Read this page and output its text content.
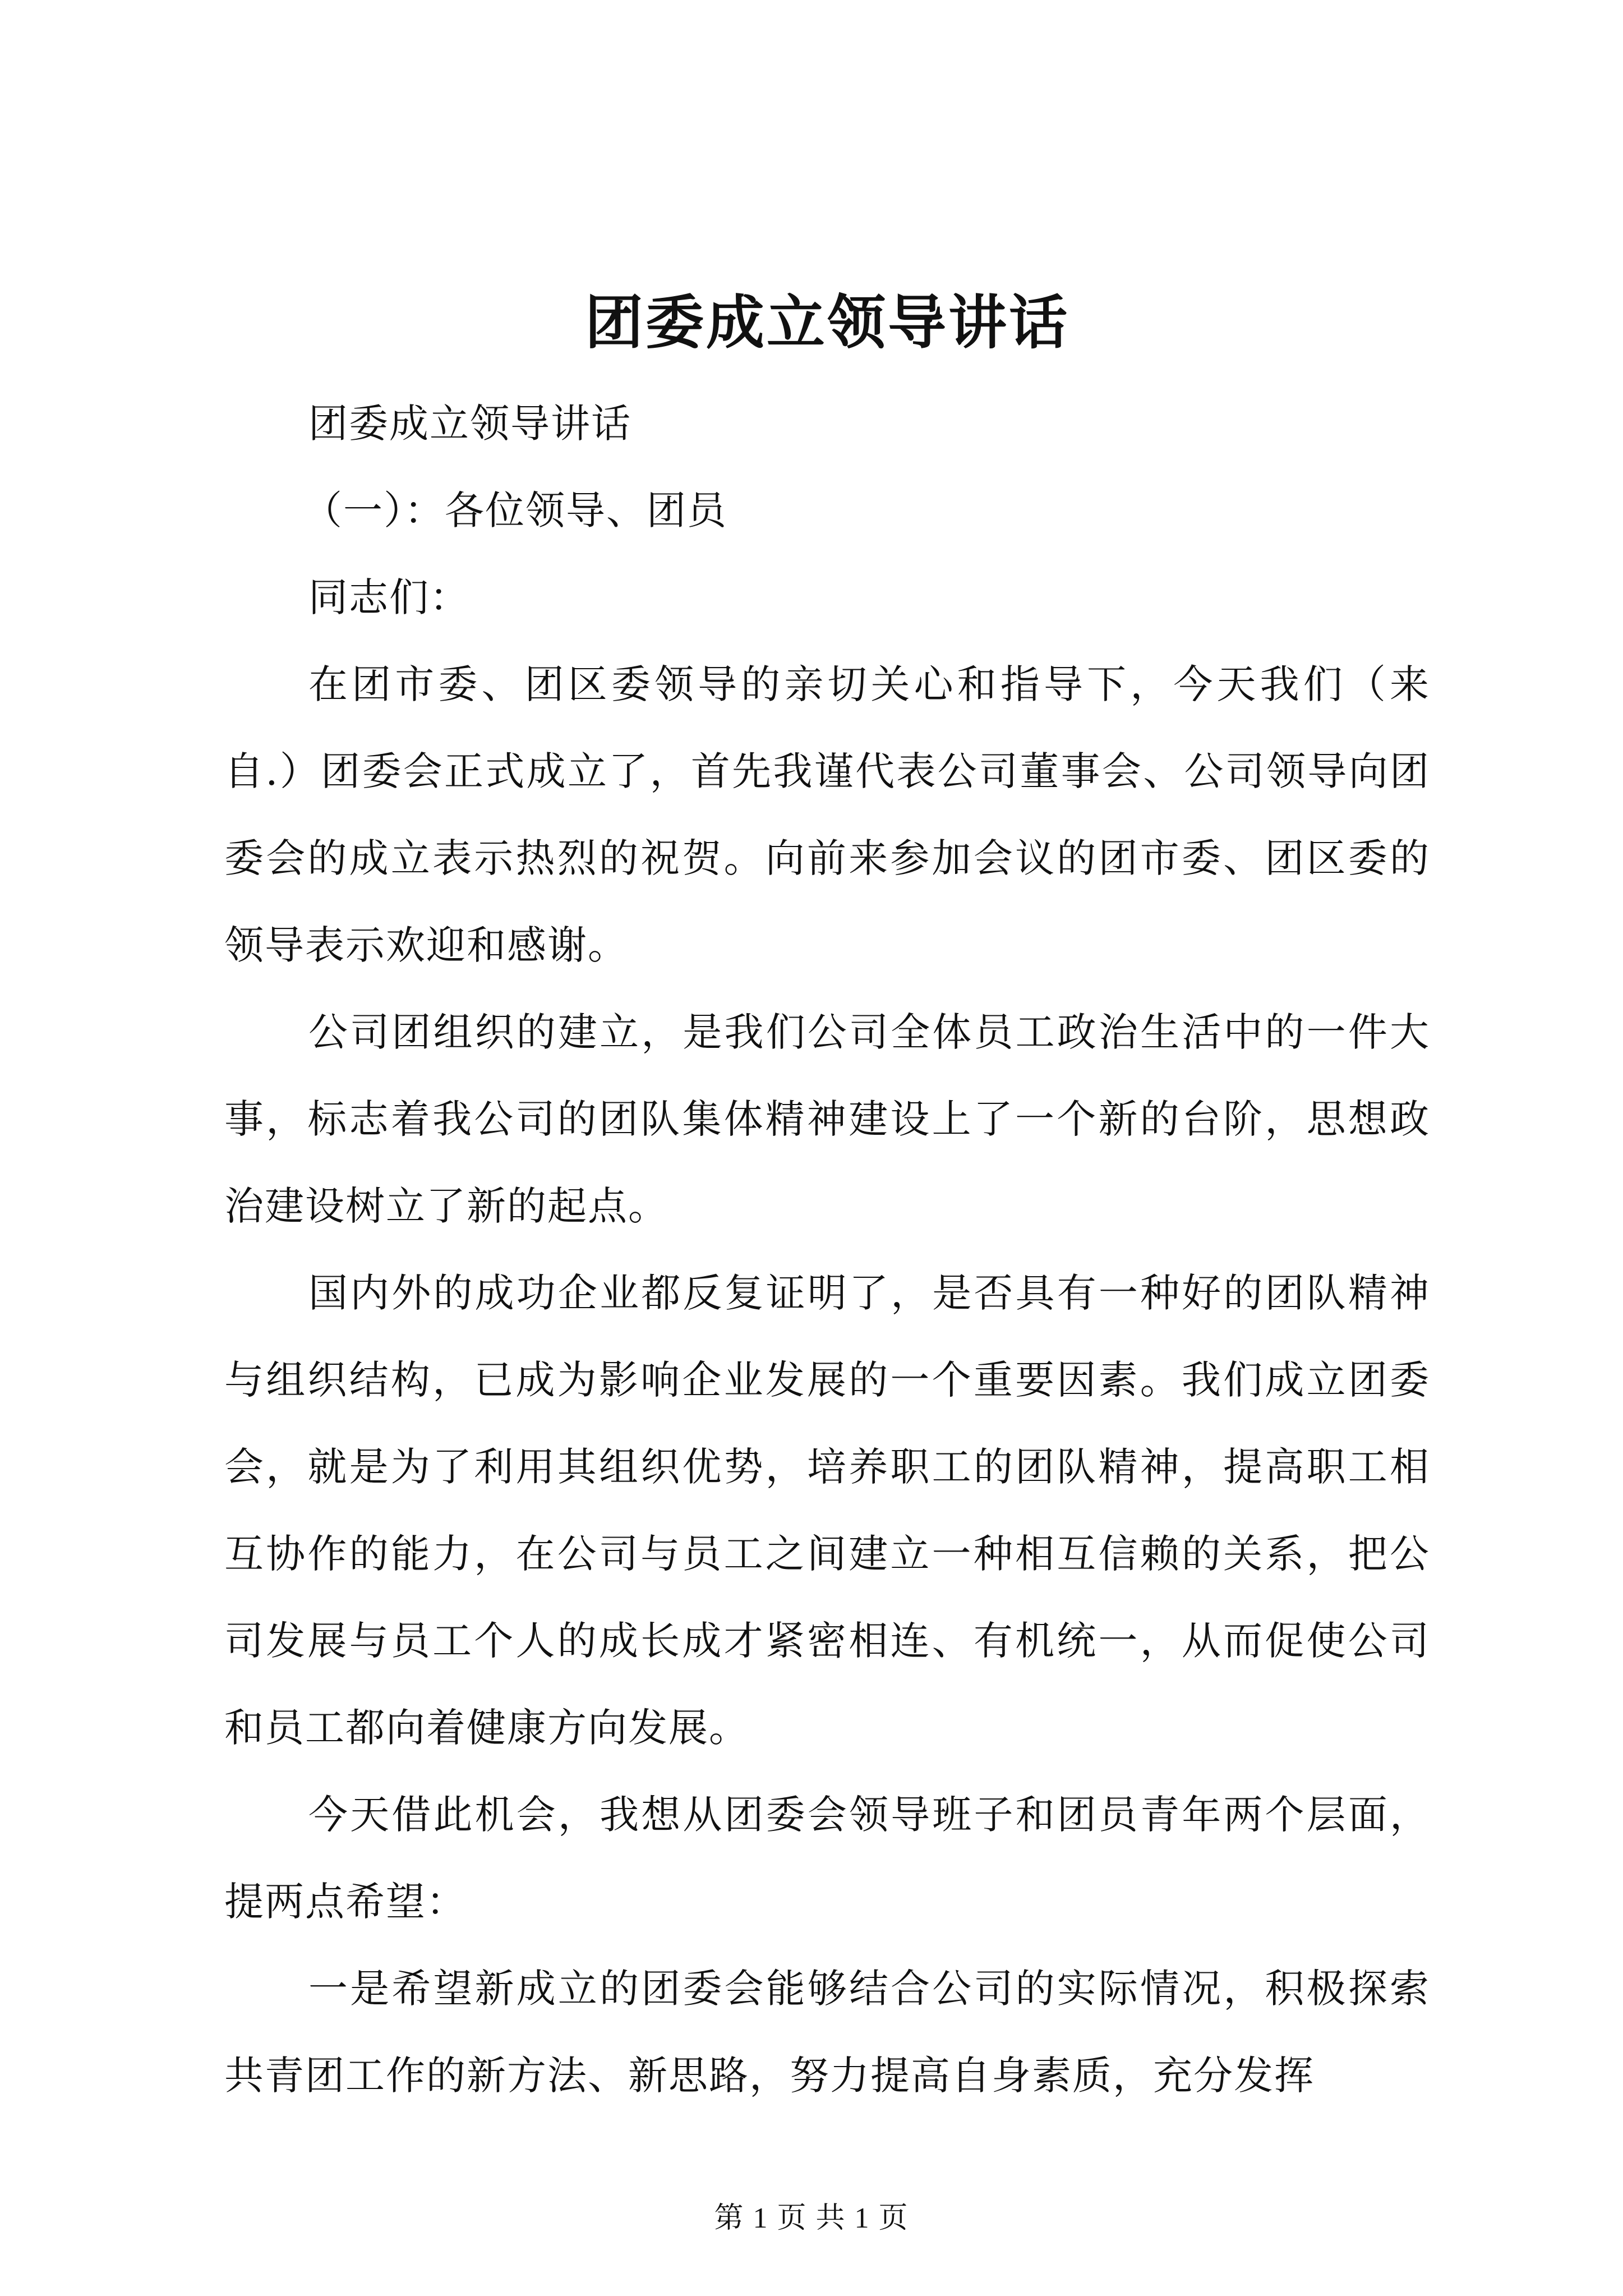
团委成立领导讲话

团委成立领导讲话

（一）：各位领导、团员

同志们：

在团市委、团区委领导的亲切关心和指导下，今天我们（来自.）团委会正式成立了，首先我谨代表公司董事会、公司领导向团委会的成立表示热烈的祝贺。向前来参加会议的团市委、团区委的领导表示欢迎和感谢。

公司团组织的建立，是我们公司全体员工政治生活中的一件大事，标志着我公司的团队集体精神建设上了一个新的台阶，思想政治建设树立了新的起点。

国内外的成功企业都反复证明了，是否具有一种好的团队精神与组织结构，已成为影响企业发展的一个重要因素。我们成立团委会，就是为了利用其组织优势，培养职工的团队精神，提高职工相互协作的能力，在公司与员工之间建立一种相互信赖的关系，把公司发展与员工个人的成长成才紧密相连、有机统一，从而促使公司和员工都向着健康方向发展。

今天借此机会，我想从团委会领导班子和团员青年两个层面，提两点希望：

一是希望新成立的团委会能够结合公司的实际情况，积极探索共青团工作的新方法、新思路，努力提高自身素质，充分发挥

第 1 页 共 1 页
